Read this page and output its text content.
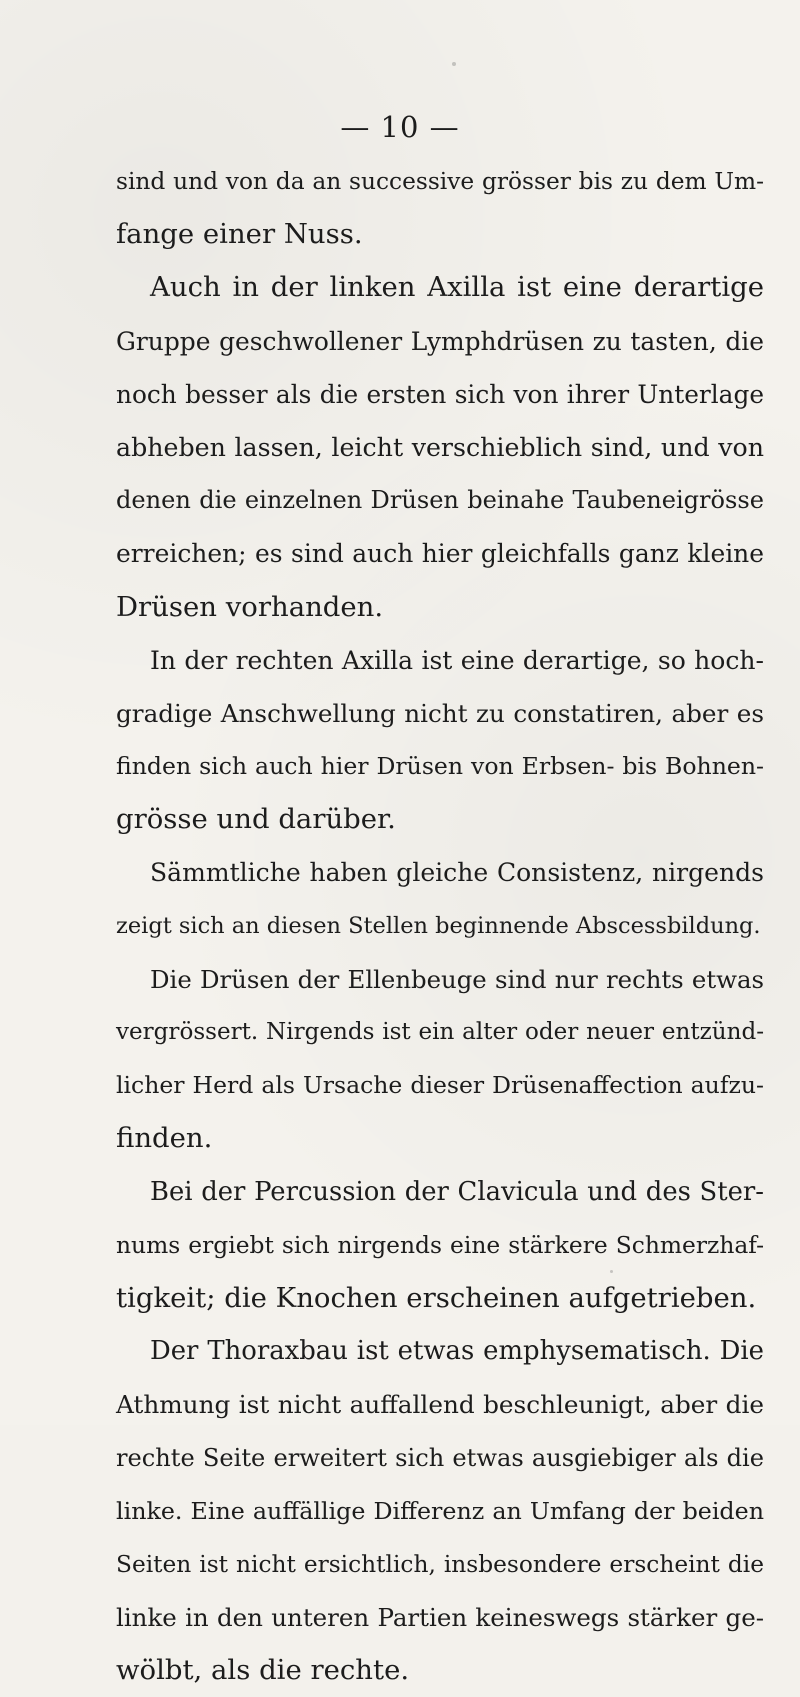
— 10 —
sind und von da an successive grösser bis zu dem Um-
fange einer Nuss.
Auch in der linken Axilla ist eine derartige
Gruppe geschwollener Lymphdrüsen zu tasten, die
noch besser als die ersten sich von ihrer Unterlage
abheben lassen, leicht verschieblich sind, und von
denen die einzelnen Drüsen beinahe Taubeneigrösse
erreichen; es sind auch hier gleichfalls ganz kleine
Drüsen vorhanden.
In der rechten Axilla ist eine derartige, so hoch-
gradige Anschwellung nicht zu constatiren, aber es
finden sich auch hier Drüsen von Erbsen- bis Bohnen-
grösse und darüber.
Sämmtliche haben gleiche Consistenz, nirgends
zeigt sich an diesen Stellen beginnende Abscessbildung.
Die Drüsen der Ellenbeuge sind nur rechts etwas
vergrössert. Nirgends ist ein alter oder neuer entzünd-
licher Herd als Ursache dieser Drüsenaffection aufzu-
finden.
Bei der Percussion der Clavicula und des Ster-
nums ergiebt sich nirgends eine stärkere Schmerzhaf-
tigkeit; die Knochen erscheinen aufgetrieben.
Der Thoraxbau ist etwas emphysematisch. Die
Athmung ist nicht auffallend beschleunigt, aber die
rechte Seite erweitert sich etwas ausgiebiger als die
linke. Eine auffällige Differenz an Umfang der beiden
Seiten ist nicht ersichtlich, insbesondere erscheint die
linke in den unteren Partien keineswegs stärker ge-
wölbt, als die rechte.
